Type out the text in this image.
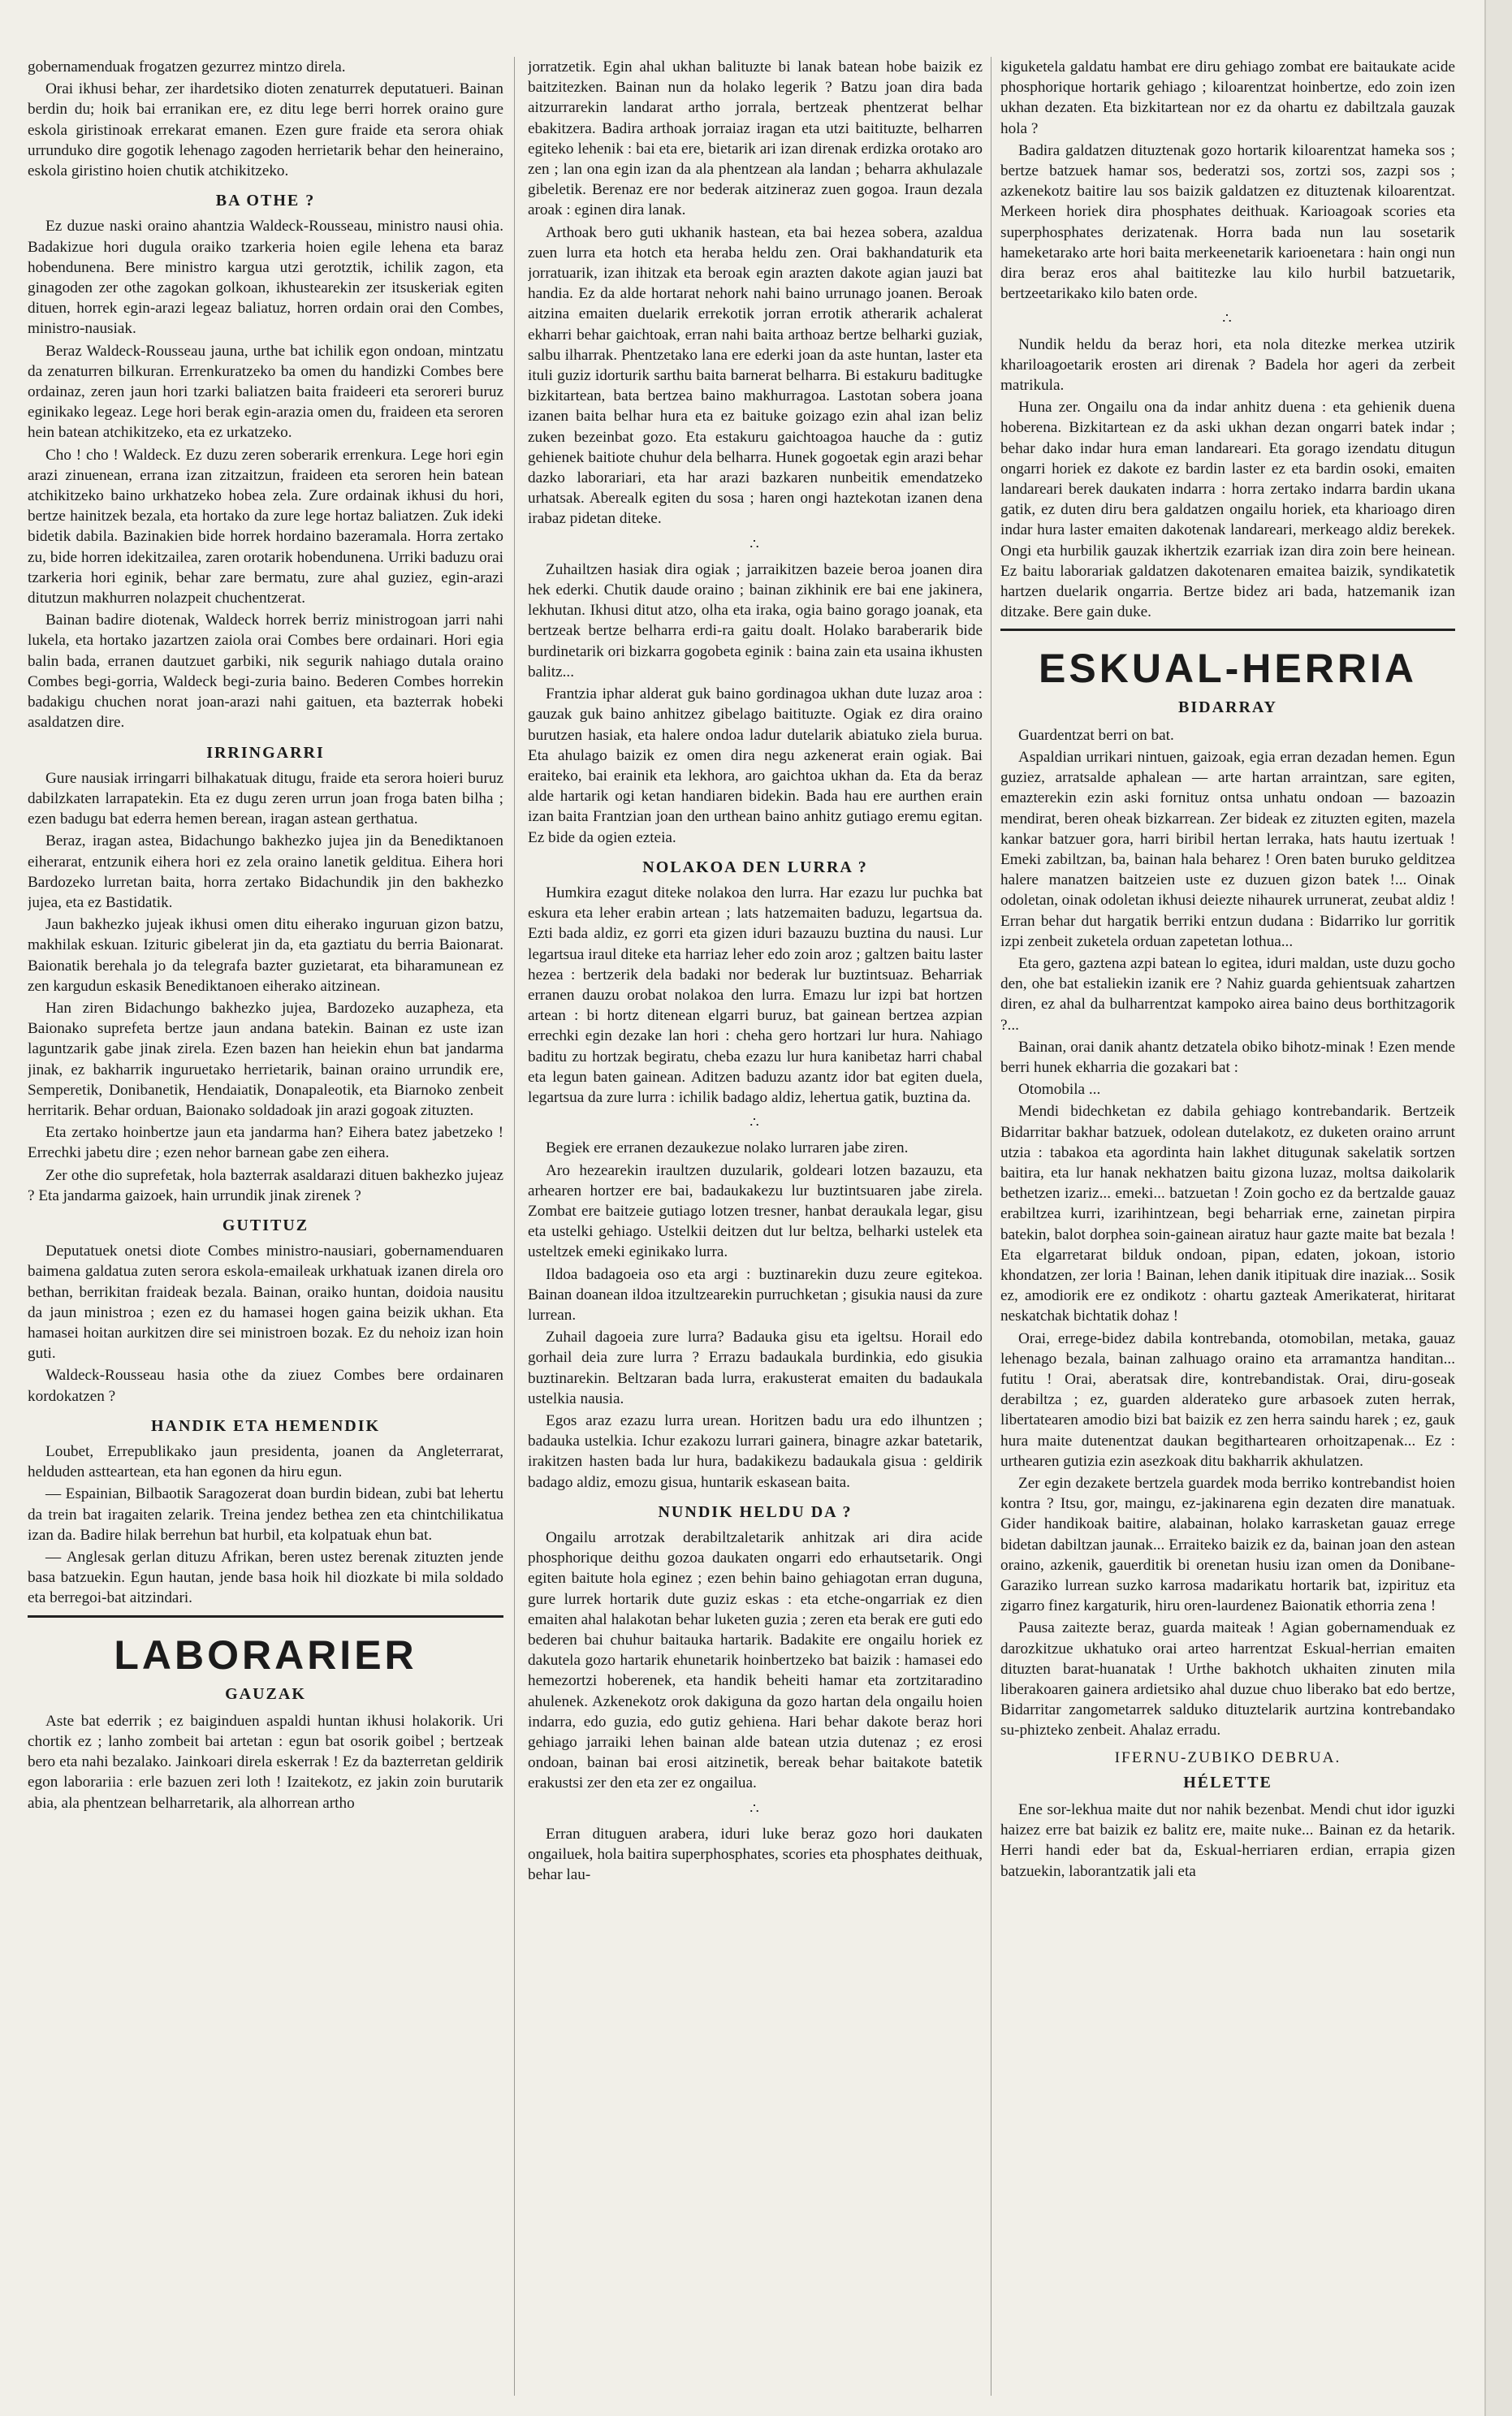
gobernamenduak frogatzen gezurrez mintzo direla.

Orai ikhusi behar, zer ihardetsiko dioten zenaturrek deputatueri. Bainan berdin du; hoik bai erranikan ere, ez ditu lege berri horrek oraino gure eskola giristinoak errekarat emanen. Ezen gure fraide eta serora ohiak urrunduko dire gogotik lehenago zagoden herrietarik behar den heineraino, eskola giristino hoien chutik atchikitzeko.

BA OTHE ?

Ez duzue naski oraino ahantzia Waldeck-Rousseau, ministro nausi ohia. Badakizue hori dugula oraiko tzarkeria hoien egile lehena eta baraz hobendunena. Bere ministro kargua utzi gerotztik, ichilik zagon, eta ginagoden zer othe zagokan golkoan, ikhustearekin zer itsuskeriak egiten dituen, horrek egin-arazi legeaz baliatuz, horren ordain orai den Combes, ministro-nausiak.

Beraz Waldeck-Rousseau jauna, urthe bat ichilik egon ondoan, mintzatu da zenaturren bilkuran. Errenkuratzeko ba omen du handizki Combes bere ordainaz, zeren jaun hori tzarki baliatzen baita fraideeri eta seroreri buruz eginikako legeaz. Lege hori berak egin-arazia omen du, fraideen eta seroren hein batean atchikitzeko, eta ez urkatzeko.

Cho ! cho ! Waldeck. Ez duzu zeren soberarik errenkura. Lege hori egin arazi zinuenean, errana izan zitzaitzun, fraideen eta seroren hein batean atchikitzeko baino urkhatzeko hobea zela. Zure ordainak ikhusi du hori, bertze hainitzek bezala, eta hortako da zure lege hortaz baliatzen. Zuk ideki bidetik dabila. Bazinakien bide horrek hordaino bazeramala. Horra zertako zu, bide horren idekitzailea, zaren orotarik hobendunena. Urriki baduzu orai tzarkeria hori eginik, behar zare bermatu, zure ahal guziez, egin-arazi ditutzun makhurren nolazpeit chuchentzerat.

Bainan badire diotenak, Waldeck horrek berriz ministrogoan jarri nahi lukela, eta hortako jazartzen zaiola orai Combes bere ordainari. Hori egia balin bada, erranen dautzuet garbiki, nik segurik nahiago dutala oraino Combes begi-gorria, Waldeck begi-zuria baino. Bederen Combes horrekin badakigu chuchen norat joan-arazi nahi gaituen, eta bazterrak hobeki asaldatzen dire.

IRRINGARRI

Gure nausiak irringarri bilhakatuak ditugu, fraide eta serora hoieri buruz dabilzkaten larrapatekin. Eta ez dugu zeren urrun joan froga baten bilha ; ezen badugu bat ederra hemen berean, iragan astean gerthatua.

Beraz, iragan astea, Bidachungo bakhezko jujea jin da Benediktanoen eiherarat, entzunik eihera hori ez zela oraino lanetik gelditua. Eihera hori Bardozeko lurretan baita, horra zertako Bidachundik jin den bakhezko jujea, eta ez Bastidatik.

Jaun bakhezko jujeak ikhusi omen ditu eiherako inguruan gizon batzu, makhilak eskuan. Izituric gibelerat jin da, eta gaztiatu du berria Baionarat. Baionatik berehala jo da telegrafa bazter guzietarat, eta biharamunean ez zen kargudun eskasik Benediktanoen eiherako aitzinean.

Han ziren Bidachungo bakhezko jujea, Bardozeko auzapheza, eta Baionako suprefeta bertze jaun andana batekin. Bainan ez uste izan laguntzarik gabe jinak zirela. Ezen bazen han heiekin ehun bat jandarma jinak, ez bakharrik inguruetako herrietarik, bainan oraino urrundik ere, Semperetik, Donibanetik, Hendaiatik, Donapaleotik, eta Biarnoko zenbeit herritarik. Behar orduan, Baionako soldadoak jin arazi gogoak zituzten.

Eta zertako hoinbertze jaun eta jandarma han? Eihera batez jabetzeko ! Errechki jabetu dire ; ezen nehor barnean gabe zen eihera.

Zer othe dio suprefetak, hola bazterrak asaldarazi dituen bakhezko jujeaz ? Eta jandarma gaizoek, hain urrundik jinak zirenek ?

GUTITUZ

Deputatuek onetsi diote Combes ministro-nausiari, gobernamenduaren baimena galdatua zuten serora eskola-emaileak urkhatuak izanen direla oro bethan, berrikitan fraideak bezala. Bainan, oraiko huntan, doidoia nausitu da jaun ministroa ; ezen ez du hamasei hogen gaina beizik ukhan. Eta hamasei hoitan aurkitzen dire sei ministroen bozak. Ez du nehoiz izan hoin guti.

Waldeck-Rousseau hasia othe da ziuez Combes bere ordainaren kordokatzen ?

HANDIK ETA HEMENDIK

Loubet, Errepublikako jaun presidenta, joanen da Angleterrarat, helduden astteartean, eta han egonen da hiru egun.

— Espainian, Bilbaotik Saragozerat doan burdin bidean, zubi bat lehertu da trein bat iragaiten zelarik. Treina jendez bethea zen eta chintchilikatua izan da. Badire hilak berrehun bat hurbil, eta kolpatuak ehun bat.

— Anglesak gerlan dituzu Afrikan, beren ustez berenak zituzten jende basa batzuekin. Egun hautan, jende basa hoik hil diozkate bi mila soldado eta berregoi-bat aitzindari.

LABORARIER
GAUZAK

Aste bat ederrik ; ez baiginduen aspaldi huntan ikhusi holakorik. Uri chortik ez ; lanho zombeit bai artetan : egun bat osorik goibel ; bertzeak bero eta nahi bezalako. Jainkoari direla eskerrak ! Ez da bazterretan geldirik egon laborariia : erle bazuen zeri loth ! Izaitekotz, ez jakin zoin burutarik abia, ala phentzean belharretarik, ala alhorrean artho

jorratzetik. Egin ahal ukhan balituzte bi lanak batean hobe baizik ez baitzitezken. Bainan nun da holako legerik ? Batzu joan dira bada aitzurrarekin landarat artho jorrala, bertzeak phentzerat belhar ebakitzera. Badira arthoak jorraiaz iragan eta utzi baitituzte, belharren egiteko lehenik : bai eta ere, bietarik ari izan direnak erdizka orotako aro zen ; lan ona egin izan da ala phentzean ala landan ; beharra akhulazale gibeletik. Berenaz ere nor bederak aitzineraz zuen gogoa. Iraun dezala aroak : eginen dira lanak.

Arthoak bero guti ukhanik hastean, eta bai hezea sobera, azaldua zuen lurra eta hotch eta heraba heldu zen. Orai bakhandaturik eta jorratuarik, izan ihitzak eta beroak egin arazten dakote agian jauzi bat handia. Ez da alde hortarat nehork nahi baino urrunago joanen. Beroak aitzina emaiten duelarik errekotik jorran errotik atherarik achalerat ekharri behar gaichtoak, erran nahi baita arthoaz bertze belharki guziak, salbu ilharrak. Phentzetako lana ere ederki joan da aste huntan, laster eta ituli guziz idorturik sarthu baita barnerat belharra. Bi estakuru baditugke bizkitartean, bata bertzea baino makhurragoa. Lastotan sobera joana izanen baita belhar hura eta ez baituke goizago ezin ahal izan beliz zuken bezeinbat gozo. Eta estakuru gaichtoagoa hauche da : gutiz gehienek baitiote chuhur dela belharra. Hunek gogoetak egin arazi behar dazko laborariari, eta har arazi bazkaren nunbeitik emendatzeko urhatsak. Aberealk egiten du sosa ; haren ongi haztekotan izanen dena irabaz pidetan diteke.

∴

Zuhailtzen hasiak dira ogiak ; jarraikitzen bazeie beroa joanen dira hek ederki. Chutik daude oraino ; bainan zikhinik ere bai ene jakinera, lekhutan. Ikhusi ditut atzo, olha eta iraka, ogia baino gorago joanak, eta bertzeak bertze belharra erdi-ra gaitu doalt. Holako baraberarik bide burdinetarik ori bizkarra gogobeta eginik : baina zain eta usaina ikhusten balitz...

Frantzia iphar alderat guk baino gordinagoa ukhan dute luzaz aroa : gauzak guk baino anhitzez gibelago baitituzte. Ogiak ez dira oraino burutzen hasiak, eta halere ondoa ladur dutelarik abiatuko ziela burua. Eta ahulago baizik ez omen dira negu azkenerat erain ogiak. Bai eraiteko, bai erainik eta lekhora, aro gaichtoa ukhan da. Eta da beraz alde hartarik ogi ketan handiaren bidekin. Bada hau ere aurthen erain izan baita Frantzian joan den urthean baino anhitz gutiago eremu egitan. Ez bide da ogien ezteia.

NOLAKOA DEN LURRA ?

Humkira ezagut diteke nolakoa den lurra. Har ezazu lur puchka bat eskura eta leher erabin artean ; lats hatzemaiten baduzu, legartsua da. Ezti bada aldiz, ez gorri eta gizen iduri bazauzu buztina du nausi. Lur legartsua iraul diteke eta harriaz leher edo zoin aroz ; galtzen baitu laster hezea : bertzerik dela badaki nor bederak lur buztintsuaz. Beharriak erranen dauzu orobat nolakoa den lurra. Emazu lur izpi bat hortzen artean : bi hortz ditenean elgarri buruz, bat gainean bertzea azpian errechki egin dezake lan hori : cheha gero hortzari lur hura. Nahiago baditu zu hortzak begiratu, cheba ezazu lur hura kanibetaz harri chabal eta legun baten gainean. Aditzen baduzu azantz idor bat egiten duela, legartsua da zure lurra : ichilik badago aldiz, lehertua gatik, buztina da.

∴

Begiek ere erranen dezaukezue nolako lurraren jabe ziren.

Aro hezearekin iraultzen duzularik, goldeari lotzen bazauzu, eta arhearen hortzer ere bai, badaukakezu lur buztintsuaren jabe zirela. Zombat ere baitzeie gutiago lotzen tresner, hanbat deraukala legar, gisu eta ustelki gehiago. Ustelkii deitzen dut lur beltza, belharki ustelek eta usteltzek emeki eginikako lurra.

Ildoa badagoeia oso eta argi : buztinarekin duzu zeure egitekoa. Bainan doanean ildoa itzultzearekin purruchketan ; gisukia nausi da zure lurrean.

Zuhail dagoeia zure lurra? Badauka gisu eta igeltsu. Horail edo gorhail deia zure lurra ? Errazu badaukala burdinkia, edo gisukia buztinarekin. Beltzaran bada lurra, erakusterat emaiten du badaukala ustelkia nausia.

Egos araz ezazu lurra urean. Horitzen badu ura edo ilhuntzen ; badauka ustelkia. Ichur ezakozu lurrari gainera, binagre azkar batetarik, irakitzen hasten bada lur hura, badakikezu badaukala gisua : geldirik badago aldiz, emozu gisua, huntarik eskasean baita.

NUNDIK HELDU DA ?

Ongailu arrotzak derabiltzaletarik anhitzak ari dira acide phosphorique deithu gozoa daukaten ongarri edo erhautsetarik. Ongi egiten baitute hola eginez ; ezen behin baino gehiagotan erran duguna, gure lurrek hortarik dute guziz eskas : eta etche-ongarriak ez dien emaiten ahal halakotan behar luketen guzia ; zeren eta berak ere guti edo bederen bai chuhur baitauka hartarik. Badakite ere ongailu horiek ez dakutela gozo hartarik ehunetarik hoinbertzeko bat baizik : hamasei edo hemezortzi hoberenek, eta handik beheiti hamar eta zortzitaradino ahulenek. Azkenekotz orok dakiguna da gozo hartan dela ongailu hoien indarra, edo guzia, edo gutiz gehiena. Hari behar dakote beraz hori gehiago jarraiki lehen bainan alde batean utzia dutenaz ; ez erosi ondoan, bainan bai erosi aitzinetik, bereak behar baitakote batetik erakustsi zer den eta zer ez ongailua.

∴

Erran dituguen arabera, iduri luke beraz gozo hori daukaten ongailuek, hola baitira superphosphates, scories eta phosphates deithuak, behar lau-

kiguketela galdatu hambat ere diru gehiago zombat ere baitaukate acide phosphorique hortarik gehiago ; kiloarentzat hoinbertze, edo zoin izen ukhan dezaten. Eta bizkitartean nor ez da ohartu ez dabiltzala gauzak hola ?

Badira galdatzen dituztenak gozo hortarik kiloarentzat hameka sos ; bertze batzuek hamar sos, bederatzi sos, zortzi sos, zazpi sos ; azkenekotz baitire lau sos baizik galdatzen ez dituztenak kiloarentzat. Merkeen horiek dira phosphates deithuak. Karioagoak scories eta superphosphates derizatenak. Horra bada nun lau sosetarik hameketarako arte hori baita merkeenetarik karioenetara : hain ongi nun dira beraz eros ahal baititezke lau kilo hurbil batzuetarik, bertzeetarikako kilo baten orde.

∴

Nundik heldu da beraz hori, eta nola ditezke merkea utzirik khariloagoetarik erosten ari direnak ? Badela hor ageri da zerbeit matrikula.

Huna zer. Ongailu ona da indar anhitz duena : eta gehienik duena hoberena. Bizkitartean ez da aski ukhan dezan ongarri batek indar ; behar dako indar hura eman landareari. Eta gorago izendatu ditugun ongarri horiek ez dakote ez bardin laster ez eta bardin osoki, emaiten landareari berek daukaten indarra : horra zertako indarra bardin ukana gatik, ez duten diru bera galdatzen ongailu horiek, eta kharioago diren indar hura laster emaiten dakotenak landareari, merkeago aldiz berekek. Ongi eta hurbilik gauzak ikhertzik ezarriak izan dira zoin bere heinean. Ez baitu laborariak galdatzen dakotenaren emaitea baizik, syndikatetik hartzen duelarik ongarria. Bertze bidez ari bada, hatzemanik izan ditzake. Bere gain duke.

ESKUAL-HERRIA
BIDARRAY

Guardentzat berri on bat.

Aspaldian urrikari nintuen, gaizoak, egia erran dezadan hemen. Egun guziez, arratsalde aphalean — arte hartan arraintzan, sare egiten, emazterekin ezin aski fornituz ontsa unhatu ondoan — bazoazin mendirat, beren oheak bizkarrean. Zer bideak ez zituzten egiten, mazela kankar batzuer gora, harri biribil hertan lerraka, hats hautu izertuak ! Emeki zabiltzan, ba, bainan hala beharez ! Oren baten buruko gelditzea halere manatzen baitzeien uste ez duzuen gizon batek !... Oinak odoletan, oinak odoletan ikhusi deiezte nihaurek urrunerat, zeubat aldiz ! Erran behar dut hargatik berriki entzun dudana : Bidarriko lur gorritik izpi zenbeit zuketela orduan zapetetan lothua...

Eta gero, gaztena azpi batean lo egitea, iduri maldan, uste duzu gocho den, ohe bat estaliekin izanik ere ? Nahiz guarda gehientsuak zahartzen diren, ez ahal da bulharrentzat kampoko airea baino deus borthitzagorik ?...

Bainan, orai danik ahantz detzatela obiko bihotz-minak ! Ezen mende berri hunek ekharria die gozakari bat :

Otomobila ...

Mendi bidechketan ez dabila gehiago kontrebandarik. Bertzeik Bidarritar bakhar batzuek, odolean dutelakotz, ez duketen oraino arrunt utzia : tabakoa eta agordinta hain lakhet ditugunak sakelatik sortzen baitira, eta lur hanak nekhatzen baitu gizona luzaz, moltsa daikolarik bethetzen izariz... emeki... batzuetan ! Zoin gocho ez da bertzalde gauaz erabiltzea kurri, izarihintzean, begi beharriak erne, zainetan pirpira batekin, balot dorphea soin-gainean airatuz haur gazte maite bat bezala ! Eta elgarretarat bilduk ondoan, pipan, edaten, jokoan, istorio khondatzen, zer loria ! Bainan, lehen danik itipituak dire inaziak... Sosik ez, amodiorik ere ez ondikotz : ohartu gazteak Amerikaterat, hiritarat neskatchak bichtatik dohaz !

Orai, errege-bidez dabila kontrebanda, otomobilan, metaka, gauaz lehenago bezala, bainan zalhuago oraino eta arramantza handitan... futitu ! Orai, aberatsak dire, kontrebandistak. Orai, diru-goseak derabiltza ; ez, guarden alderateko gure arbasoek zuten herrak, libertatearen amodio bizi bat baizik ez zen herra saindu harek ; ez, gauk hura maite dutenentzat daukan begithartearen orhoitzapenak... Ez : urthearen gutizia ezin asezkoak ditu bakharrik akhulatzen.

Zer egin dezakete bertzela guardek moda berriko kontrebandist hoien kontra ? Itsu, gor, maingu, ez-jakinarena egin dezaten dire manatuak. Gider handikoak baitire, alabainan, holako karrasketan gauaz errege bidetan dabiltzan jaunak... Erraiteko baizik ez da, bainan joan den astean oraino, azkenik, gauerditik bi orenetan husiu izan omen da Donibane-Garaziko lurrean suzko karrosa madarikatu hortarik bat, izpirituz eta zigarro finez kargaturik, hiru oren-laurdenez Baionatik ethorria zena !

Pausa zaitezte beraz, guarda maiteak ! Agian gobernamenduak ez darozkitzue ukhatuko orai arteo harrentzat Eskual-herrian emaiten dituzten barat-huanatak ! Urthe bakhotch ukhaiten zinuten mila liberakoaren gainera ardietsiko ahal duzue chuo liberako bat edo bertze, Bidarritar zangometarrek salduko dituztelarik aurtzina kontrebandako su-phizteko zenbeit. Ahalaz erradu.

IFERNU-ZUBIKO DEBRUA.
HÉLETTE

Ene sor-lekhua maite dut nor nahik bezenbat. Mendi chut idor iguzki haizez erre bat baizik ez balitz ere, maite nuke... Bainan ez da hetarik. Herri handi eder bat da, Eskual-herriaren erdian, errapia gizen batzuekin, laborantzatik jali eta
